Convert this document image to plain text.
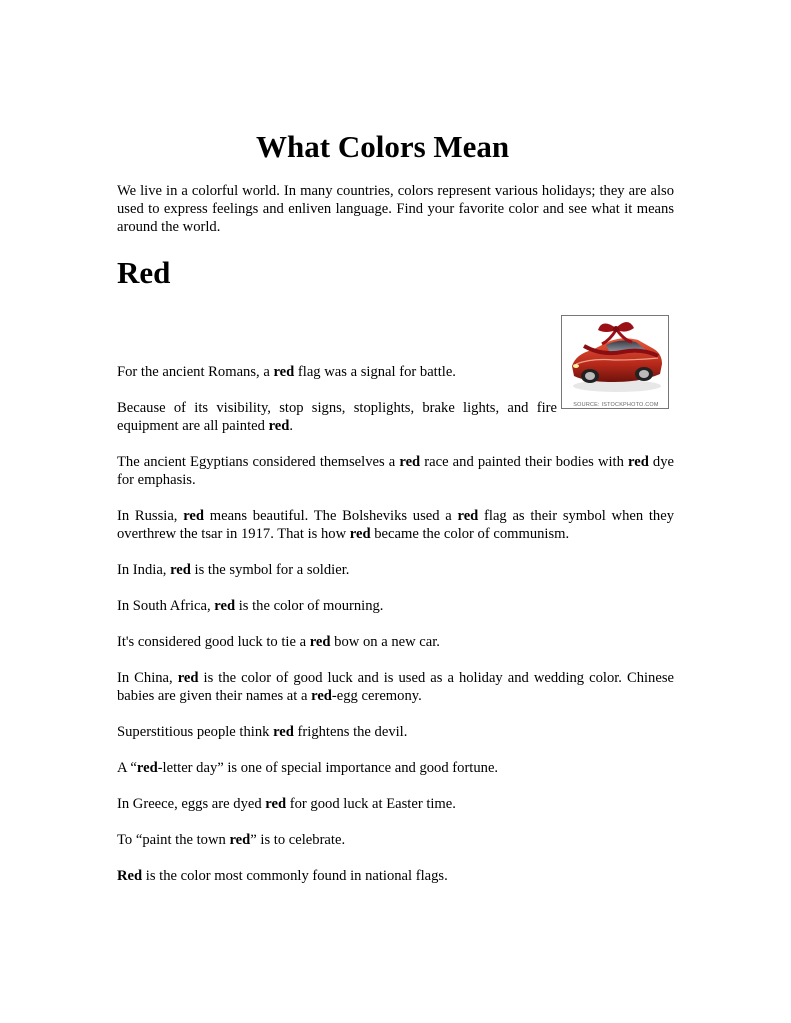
What Colors Mean

We live in a colorful world. In many countries, colors represent various holidays; they are also used to express feelings and enliven language. Find your favorite color and see what it means around the world.

Red
SOURCE: ISTOCKPHOTO.COM

For the ancient Romans, a red flag was a signal for battle.

Because of its visibility, stop signs, stoplights, brake lights, and fire equipment are all painted red.

The ancient Egyptians considered themselves a red race and painted their bodies with red dye for emphasis.

In Russia, red means beautiful. The Bolsheviks used a red flag as their symbol when they overthrew the tsar in 1917. That is how red became the color of communism.

In India, red is the symbol for a soldier.

In South Africa, red is the color of mourning.

It's considered good luck to tie a red bow on a new car.

In China, red is the color of good luck and is used as a holiday and wedding color. Chinese babies are given their names at a red-egg ceremony.

Superstitious people think red frightens the devil.

A “red-letter day” is one of special importance and good fortune.

In Greece, eggs are dyed red for good luck at Easter time.

To “paint the town red” is to celebrate.

Red is the color most commonly found in national flags.
